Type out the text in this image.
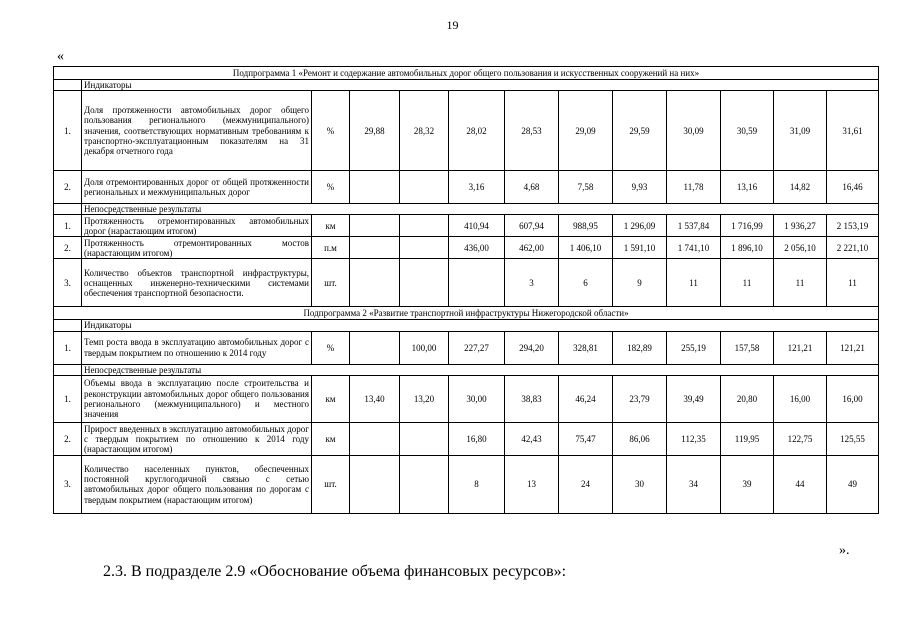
19
«
Подпрограмма 1 «Ремонт и содержание автомобильных дорог общего пользования и искусственных сооружений на них»												
	Индикаторы											
1.	Доля протяженности автомобильных дорог общего пользования регионального (межмуниципального) значения, соответствующих нормативным требованиям к транспортно-эксплуатационным показателям на 31 декабря отчетного года	%	29,88	28,32	28,02	28,53	29,09	29,59	30,09	30,59	31,09	31,61
2.	Доля отремонтированных дорог от общей протяженности региональных и межмуниципальных дорог	%			3,16	4,68	7,58	9,93	11,78	13,16	14,82	16,46
	Непосредственные результаты											
1.	Протяженность отремонтированных автомобильных дорог (нарастающим итогом)	км			410,94	607,94	988,95	1 296,09	1 537,84	1 716,99	1 936,27	2 153,19
2.	Протяженность отремонтированных мостов (нарастающим итогом)	п.м			436,00	462,00	1 406,10	1 591,10	1 741,10	1 896,10	2 056,10	2 221,10
3.	Количество объектов транспортной инфраструктуры, оснащенных инженерно-техническими системами обеспечения транспортной безопасности.	шт.				3	6	9	11	11	11	11
Подпрограмма 2 «Развитие транспортной инфраструктуры Нижегородской области»												
	Индикаторы											
1.	Темп роста ввода в эксплуатацию автомобильных дорог с твердым покрытием по отношению к 2014 году	%		100,00	227,27	294,20	328,81	182,89	255,19	157,58	121,21	121,21
	Непосредственные результаты											
1.	Объемы ввода в эксплуатацию после строительства и реконструкции автомобильных дорог общего пользования регионального (межмуниципального) и местного значения	км	13,40	13,20	30,00	38,83	46,24	23,79	39,49	20,80	16,00	16,00
2.	Прирост введенных в эксплуатацию автомобильных дорог с твердым покрытием по отношению к 2014 году (нарастающим итогом)	км			16,80	42,43	75,47	86,06	112,35	119,95	122,75	125,55
3.	Количество населенных пунктов, обеспеченных постоянной круглогодичной связью с сетью автомобильных дорог общего пользования по дорогам с твердым покрытием (нарастающим итогом)	шт.			8	13	24	30	34	39	44	49
».
2.3. В подразделе 2.9 «Обоснование объема финансовых ресурсов»:
